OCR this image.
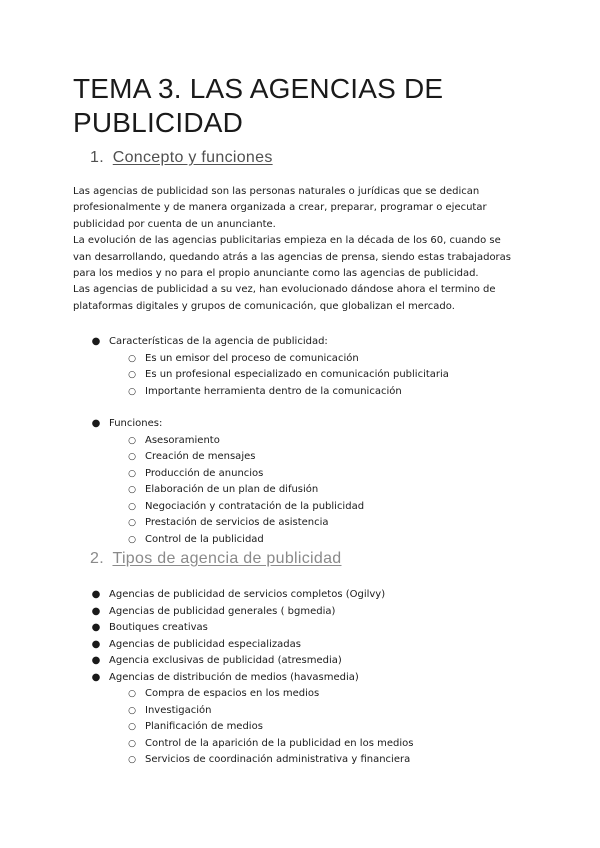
TEMA 3. LAS AGENCIAS DE PUBLICIDAD
1. Concepto y funciones

Las agencias de publicidad son las personas naturales o jurídicas que se dedican profesionalmente y de manera organizada a crear, preparar, programar o ejecutar publicidad por cuenta de un anunciante.

La evolución de las agencias publicitarias empieza en la década de los 60, cuando se van desarrollando, quedando atrás a las agencias de prensa, siendo estas trabajadoras para los medios y no para el propio anunciante como las agencias de publicidad.

Las agencias de publicidad a su vez, han evolucionado dándose ahora el termino de plataformas digitales y grupos de comunicación, que globalizan el mercado.

● Características de la agencia de publicidad:
○ Es un emisor del proceso de comunicación
○ Es un profesional especializado en comunicación publicitaria
○ Importante herramienta dentro de la comunicación
● Funciones:
○ Asesoramiento
○ Creación de mensajes
○ Producción de anuncios
○ Elaboración de un plan de difusión
○ Negociación y contratación de la publicidad
○ Prestación de servicios de asistencia
○ Control de la publicidad
2. Tipos de agencia de publicidad
● Agencias de publicidad de servicios completos (Ogilvy)
● Agencias de publicidad generales ( bgmedia)
● Boutiques creativas
● Agencias de publicidad especializadas
● Agencia exclusivas de publicidad (atresmedia)
● Agencias de distribución de medios (havasmedia)
○ Compra de espacios en los medios
○ Investigación
○ Planificación de medios
○ Control de la aparición de la publicidad en los medios
○ Servicios de coordinación administrativa y financiera
